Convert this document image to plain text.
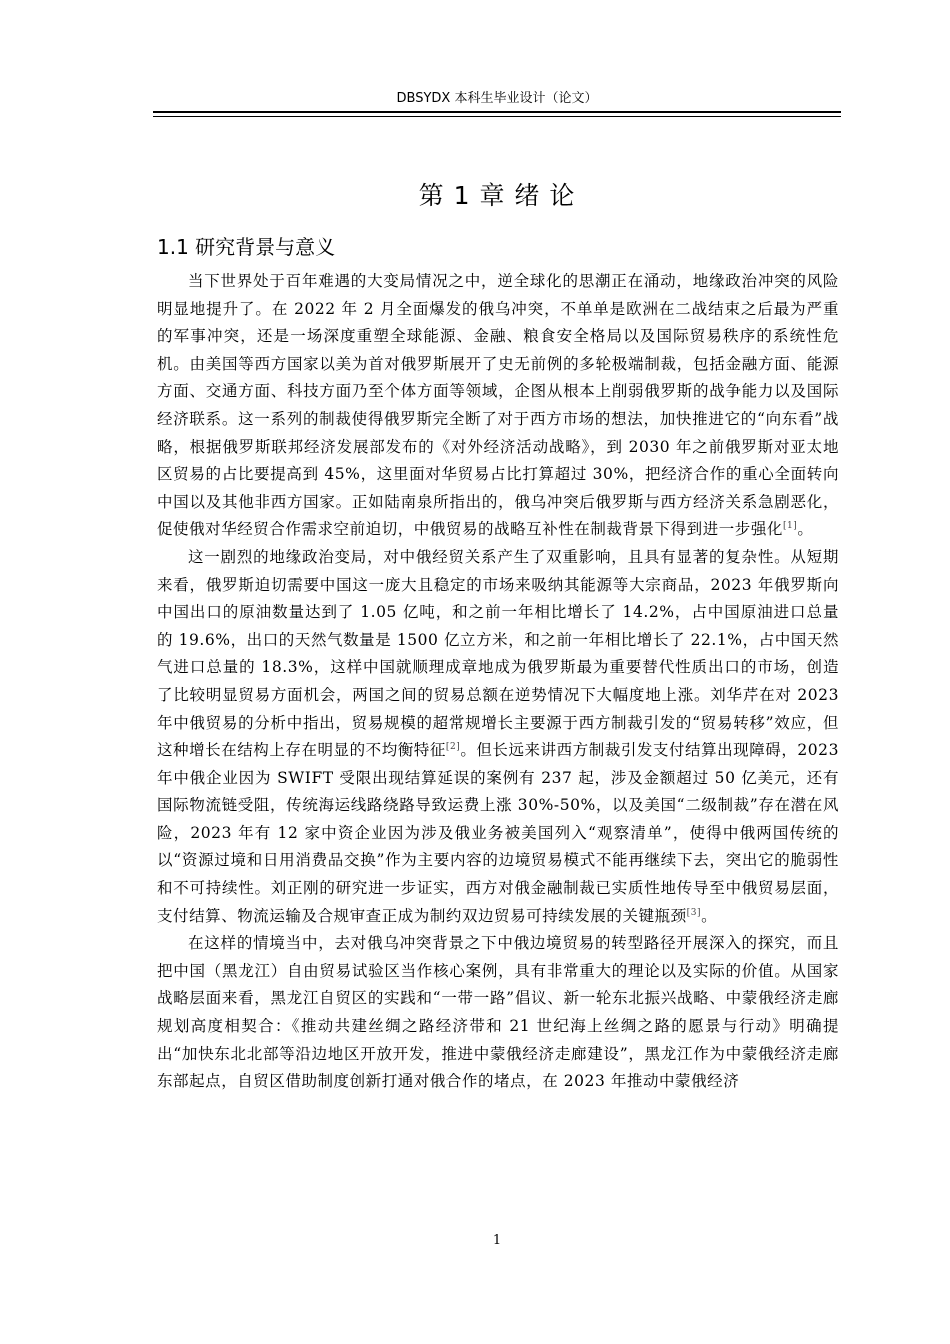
DBSYDX 本科生毕业设计（论文）
第 1 章 绪 论
1.1 研究背景与意义

当下世界处于百年难遇的大变局情况之中，逆全球化的思潮正在涌动，地缘政治冲突的风险明显地提升了。在 2022 年 2 月全面爆发的俄乌冲突，不单单是欧洲在二战结束之后最为严重的军事冲突，还是一场深度重塑全球能源、金融、粮食安全格局以及国际贸易秩序的系统性危机。由美国等西方国家以美为首对俄罗斯展开了史无前例的多轮极端制裁，包括金融方面、能源方面、交通方面、科技方面乃至个体方面等领域，企图从根本上削弱俄罗斯的战争能力以及国际经济联系。这一系列的制裁使得俄罗斯完全断了对于西方市场的想法，加快推进它的“向东看”战略，根据俄罗斯联邦经济发展部发布的《对外经济活动战略》，到 2030 年之前俄罗斯对亚太地区贸易的占比要提高到 45%，这里面对华贸易占比打算超过 30%，把经济合作的重心全面转向中国以及其他非西方国家。正如陆南泉所指出的，俄乌冲突后俄罗斯与西方经济关系急剧恶化，促使俄对华经贸合作需求空前迫切，中俄贸易的战略互补性在制裁背景下得到进一步强化[1]。

这一剧烈的地缘政治变局，对中俄经贸关系产生了双重影响，且具有显著的复杂性。从短期来看，俄罗斯迫切需要中国这一庞大且稳定的市场来吸纳其能源等大宗商品，2023 年俄罗斯向中国出口的原油数量达到了 1.05 亿吨，和之前一年相比增长了 14.2%，占中国原油进口总量的 19.6%，出口的天然气数量是 1500 亿立方米，和之前一年相比增长了 22.1%，占中国天然气进口总量的 18.3%，这样中国就顺理成章地成为俄罗斯最为重要替代性质出口的市场，创造了比较明显贸易方面机会，两国之间的贸易总额在逆势情况下大幅度地上涨。刘华芹在对 2023 年中俄贸易的分析中指出，贸易规模的超常规增长主要源于西方制裁引发的“贸易转移”效应，但这种增长在结构上存在明显的不均衡特征[2]。但长远来讲西方制裁引发支付结算出现障碍，2023 年中俄企业因为 SWIFT 受限出现结算延误的案例有 237 起，涉及金额超过 50 亿美元，还有国际物流链受阻，传统海运线路绕路导致运费上涨 30%-50%，以及美国“二级制裁”存在潜在风险，2023 年有 12 家中资企业因为涉及俄业务被美国列入“观察清单”，使得中俄两国传统的以“资源过境和日用消费品交换”作为主要内容的边境贸易模式不能再继续下去，突出它的脆弱性和不可持续性。刘正刚的研究进一步证实，西方对俄金融制裁已实质性地传导至中俄贸易层面，支付结算、物流运输及合规审查正成为制约双边贸易可持续发展的关键瓶颈[3]。

在这样的情境当中，去对俄乌冲突背景之下中俄边境贸易的转型路径开展深入的探究，而且把中国（黑龙江）自由贸易试验区当作核心案例，具有非常重大的理论以及实际的价值。从国家战略层面来看，黑龙江自贸区的实践和“一带一路”倡议、新一轮东北振兴战略、中蒙俄经济走廊规划高度相契合：《推动共建丝绸之路经济带和 21 世纪海上丝绸之路的愿景与行动》明确提出“加快东北北部等沿边地区开放开发，推进中蒙俄经济走廊建设”，黑龙江作为中蒙俄经济走廊东部起点，自贸区借助制度创新打通对俄合作的堵点，在 2023 年推动中蒙俄经济

1
